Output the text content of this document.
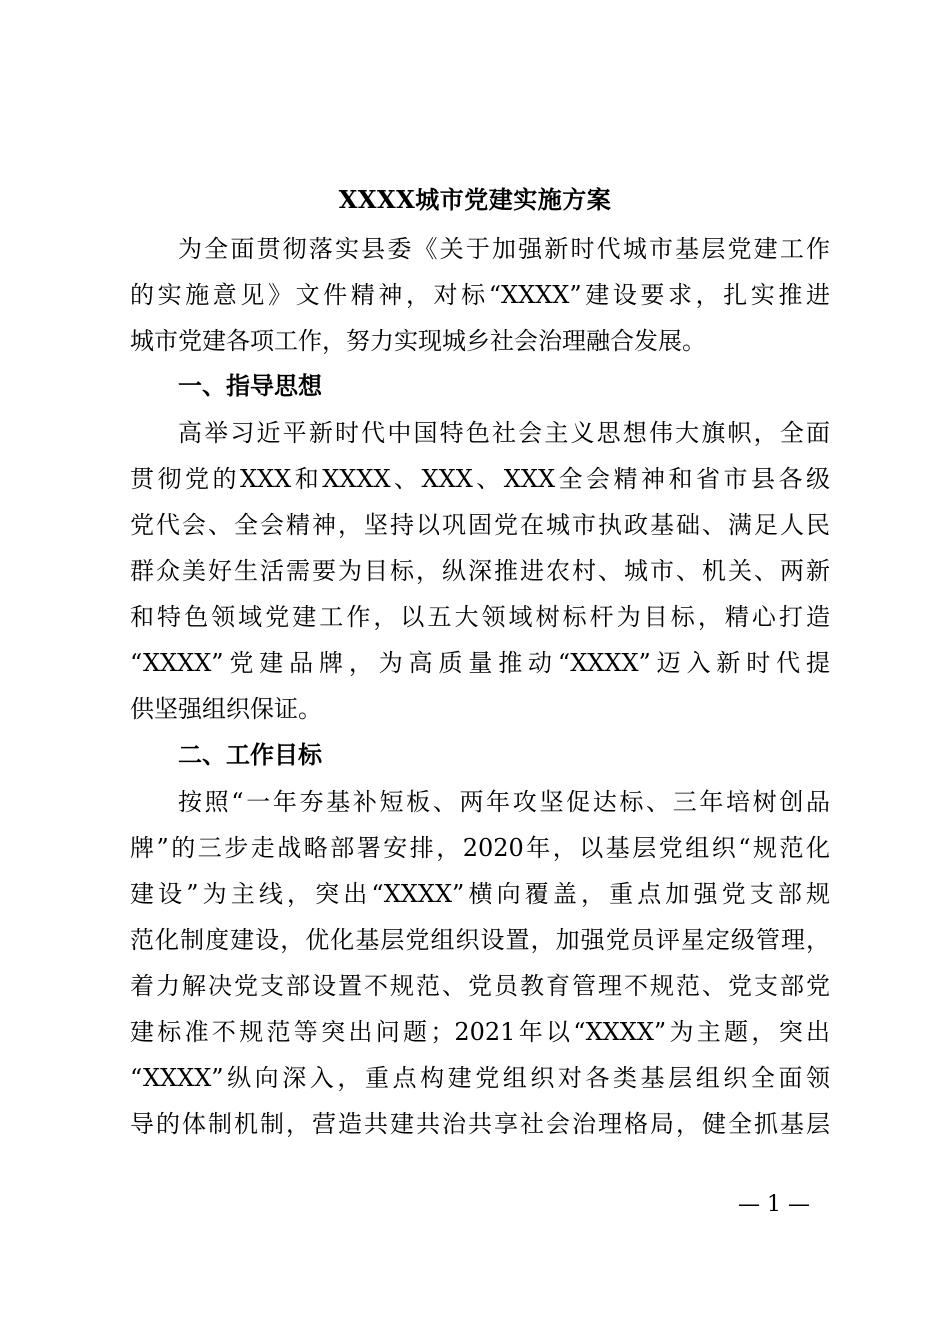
XXXX城市党建实施方案
为全面贯彻落实县委《关于加强新时代城市基层党建工作
的实施意见》文件精神，对标“XXXX”建设要求，扎实推进
城市党建各项工作，努力实现城乡社会治理融合发展。
一、指导思想
高举习近平新时代中国特色社会主义思想伟大旗帜，全面
贯彻党的XXX和XXXX、XXX、XXX全会精神和省市县各级
党代会、全会精神，坚持以巩固党在城市执政基础、满足人民
群众美好生活需要为目标，纵深推进农村、城市、机关、两新
和特色领域党建工作，以五大领域树标杆为目标，精心打造
“XXXX”党建品牌，为高质量推动“XXXX”迈入新时代提
供坚强组织保证。
二、工作目标
按照“一年夯基补短板、两年攻坚促达标、三年培树创品
牌”的三步走战略部署安排，2020年，以基层党组织“规范化
建设”为主线，突出“XXXX”横向覆盖，重点加强党支部规
范化制度建设，优化基层党组织设置，加强党员评星定级管理，
着力解决党支部设置不规范、党员教育管理不规范、党支部党
建标准不规范等突出问题；2021年以“XXXX”为主题，突出
“XXXX”纵向深入，重点构建党组织对各类基层组织全面领
导的体制机制，营造共建共治共享社会治理格局，健全抓基层
— 1 —
